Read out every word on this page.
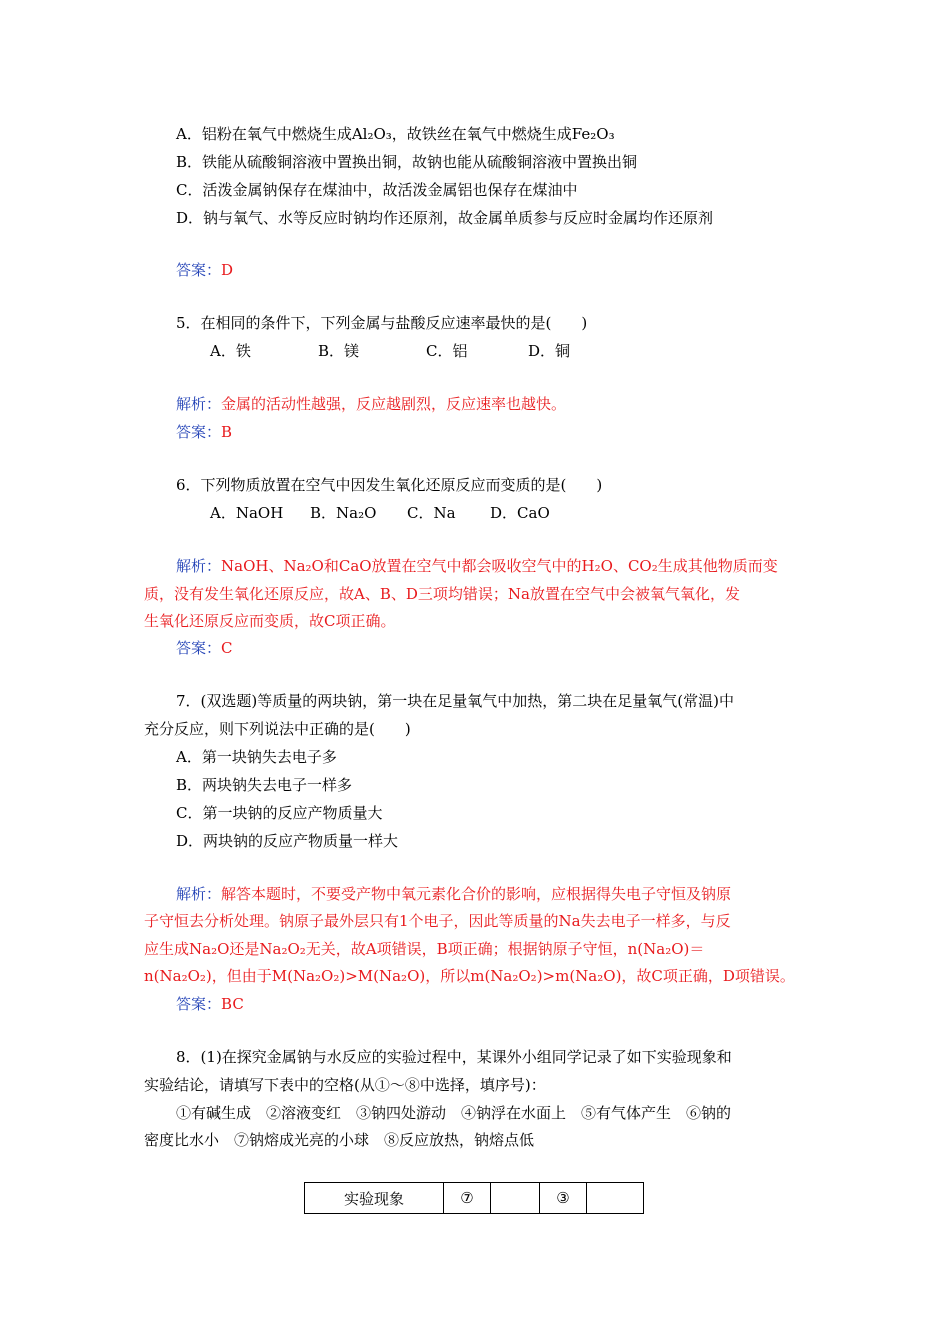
A．铝粉在氧气中燃烧生成Al₂O₃，故铁丝在氧气中燃烧生成Fe₂O₃
B．铁能从硫酸铜溶液中置换出铜，故钠也能从硫酸铜溶液中置换出铜
C．活泼金属钠保存在煤油中，故活泼金属铝也保存在煤油中
D．钠与氧气、水等反应时钠均作还原剂，故金属单质参与反应时金属均作还原剂
答案：D
5．在相同的条件下，下列金属与盐酸反应速率最快的是(　　)
A．铁	B．镁	C．铝	D．铜
解析：金属的活动性越强，反应越剧烈，反应速率也越快。
答案：B
6．下列物质放置在空气中因发生氧化还原反应而变质的是(　　)
A．NaOH B．Na₂O C．Na D．CaO
解析：NaOH、Na₂O和CaO放置在空气中都会吸收空气中的H₂O、CO₂生成其他物质而变
质，没有发生氧化还原反应，故A、B、D三项均错误；Na放置在空气中会被氧气氧化，发
生氧化还原反应而变质，故C项正确。
答案：C
7．(双选题)等质量的两块钠，第一块在足量氧气中加热，第二块在足量氧气(常温)中
充分反应，则下列说法中正确的是(　　)
A．第一块钠失去电子多
B．两块钠失去电子一样多
C．第一块钠的反应产物质量大
D．两块钠的反应产物质量一样大
解析：解答本题时，不要受产物中氧元素化合价的影响，应根据得失电子守恒及钠原
子守恒去分析处理。钠原子最外层只有1个电子，因此等质量的Na失去电子一样多，与反
应生成Na₂O还是Na₂O₂无关，故A项错误，B项正确；根据钠原子守恒，n(Na₂O)＝
n(Na₂O₂)，但由于M(Na₂O₂)>M(Na₂O)，所以m(Na₂O₂)>m(Na₂O)，故C项正确，D项错误。
答案：BC
8．(1)在探究金属钠与水反应的实验过程中，某课外小组同学记录了如下实验现象和
实验结论，请填写下表中的空格(从①～⑧中选择，填序号)：
①有碱生成　②溶液变红　③钠四处游动　④钠浮在水面上　⑤有气体产生　⑥钠的
密度比水小　⑦钠熔成光亮的小球　⑧反应放热，钠熔点低
实验现象	⑦		③	
